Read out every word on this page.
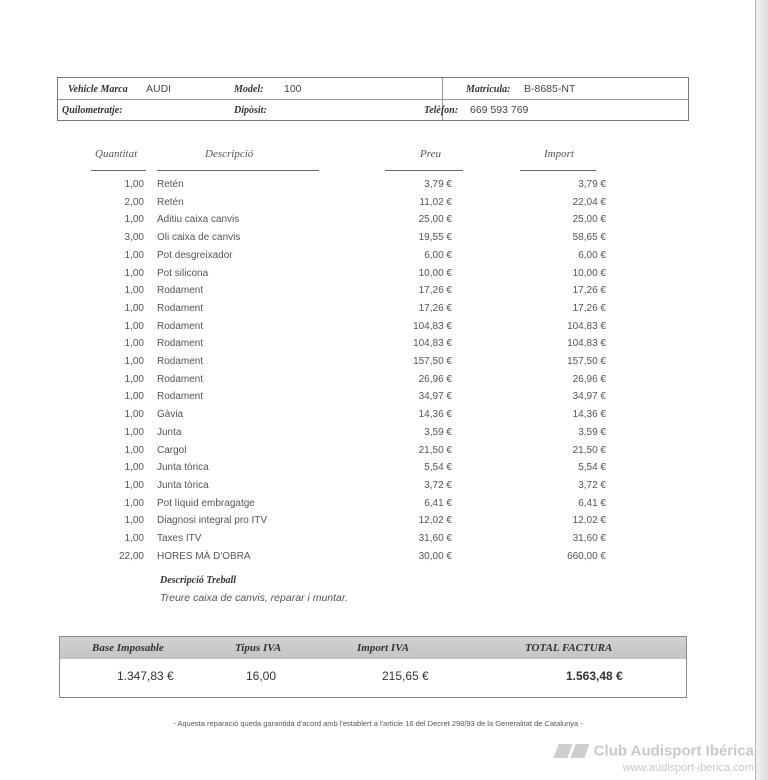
Vehicle Marca AUDI	Model: 100	Matricula: B-8685-NT
Quilometratje:	Dipòsit:	Telèfon: 669 593 769
Quantitat	Descripció	Preu	Import
1,00 Retén	3,79 €	3,79 €
2,00 Retén	11,02 €	22,04 €
1,00 Aditiu caixa canvis	25,00 €	25,00 €
3,00 Oli caixa de canvis	19,55 €	58,65 €
1,00 Pot desgreixador	6,00 €	6,00 €
1,00 Pot silicona	10,00 €	10,00 €
1,00 Rodament	17,26 €	17,26 €
1,00 Rodament	17,26 €	17,26 €
1,00 Rodament	104,83 €	104,83 €
1,00 Rodament	104,83 €	104,83 €
1,00 Rodament	157,50 €	157,50 €
1,00 Rodament	26,96 €	26,96 €
1,00 Rodament	34,97 €	34,97 €
1,00 Gàvia	14,36 €	14,36 €
1,00 Junta	3,59 €	3,59 €
1,00 Cargol	21,50 €	21,50 €
1,00 Junta tòrica	5,54 €	5,54 €
1,00 Junta tòrica	3,72 €	3,72 €
1,00 Pot líquid embragatge	6,41 €	6,41 €
1,00 Diagnosi integral pro ITV	12,02 €	12,02 €
1,00 Taxes ITV	31,60 €	31,60 €
22,00 HORES MÀ D'OBRA	30,00 €	660,00 €
Descripció Treball
Treure caixa de canvis, reparar i muntar.
Base Imposable	Tipus IVA	Import IVA	TOTAL FACTURA
1.347,83 €	16,00	215,65 €	1.563,48 €
- Aquesta reparació queda garantida d'acord amb l'establert a l'article 16 del Decret 298/93 de la Generalitat de Catalunya -
Club Audisport Ibérica
www.audisport-iberica.com
